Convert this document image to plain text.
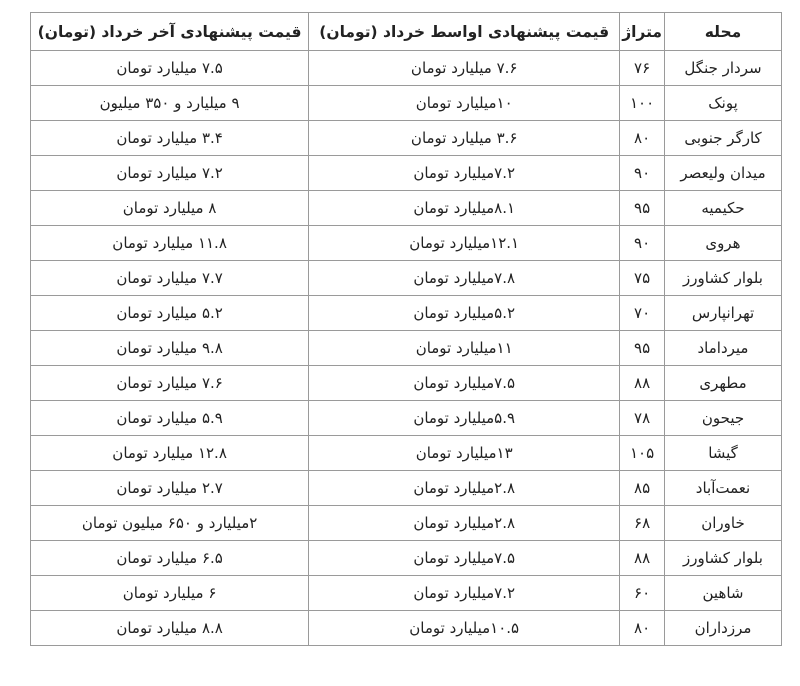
محله	متراژ	قیمت پیشنهادی اواسط خرداد (تومان)	قیمت پیشنهادی آخر خرداد (تومان)
سردار جنگل	۷۶	۷.۶ میلیارد تومان	۷.۵ میلیارد تومان
پونک	۱۰۰	۱۰میلیارد تومان	۹ میلیارد و ۳۵۰ میلیون
کارگر جنوبی	۸۰	۳.۶ میلیارد تومان	۳.۴ میلیارد تومان
میدان ولیعصر	۹۰	۷.۲میلیارد تومان	۷.۲ میلیارد تومان
حکیمیه	۹۵	۸.۱میلیارد تومان	۸ میلیارد تومان
هروی	۹۰	۱۲.۱میلیارد تومان	۱۱.۸ میلیارد تومان
بلوار کشاورز	۷۵	۷.۸میلیارد تومان	۷.۷ میلیارد تومان
تهرانپارس	۷۰	۵.۲میلیارد تومان	۵.۲ میلیارد تومان
میرداماد	۹۵	۱۱میلیارد تومان	۹.۸ میلیارد تومان
مطهری	۸۸	۷.۵میلیارد تومان	۷.۶ میلیارد تومان
جیحون	۷۸	۵.۹میلیارد تومان	۵.۹ میلیارد تومان
گیشا	۱۰۵	۱۳میلیارد تومان	۱۲.۸ میلیارد تومان
نعمت‌آباد	۸۵	۲.۸میلیارد تومان	۲.۷ میلیارد تومان
خاوران	۶۸	۲.۸میلیارد تومان	۲میلیارد و ۶۵۰ میلیون تومان
بلوار کشاورز	۸۸	۷.۵میلیارد تومان	۶.۵ میلیارد تومان
شاهین	۶۰	۷.۲میلیارد تومان	۶ میلیارد تومان
مرزداران	۸۰	۱۰.۵میلیارد تومان	۸.۸ میلیارد تومان
